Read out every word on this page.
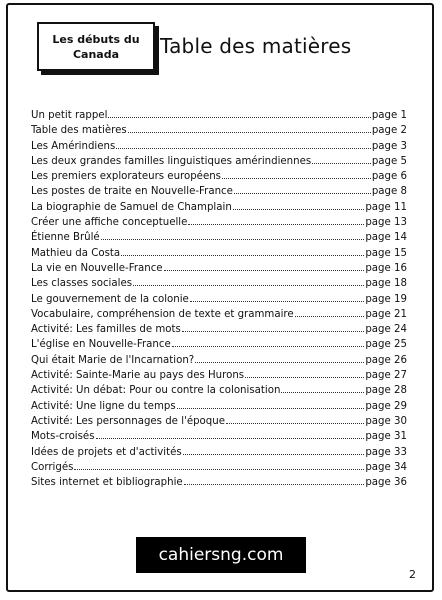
Les débuts du
Canada Table des matières
Un petit rappel	page 1
Table des matières	page 2
Les Amérindiens	page 3
Les deux grandes familles linguistiques amérindiennes	page 5
Les premiers explorateurs européens	page 6
Les postes de traite en Nouvelle-France	page 8
La biographie de Samuel de Champlain	page 11
Créer une affiche conceptuelle	page 13
Étienne Brûlé	page 14
Mathieu da Costa	page 15
La vie en Nouvelle-France	page 16
Les classes sociales	page 18
Le gouvernement de la colonie	page 19
Vocabulaire, compréhension de texte et grammaire	page 21
Activité: Les familles de mots	page 24
L'église en Nouvelle-France	page 25
Qui était Marie de l'Incarnation?	page 26
Activité: Sainte-Marie au pays des Hurons	page 27
Activité: Un débat: Pour ou contre la colonisation	page 28
Activité: Une ligne du temps	page 29
Activité: Les personnages de l'époque	page 30
Mots-croisés	page 31
Idées de projets et d'activités	page 33
Corrigés	page 34
Sites internet et bibliographie	page 36
cahiersng.com
2
